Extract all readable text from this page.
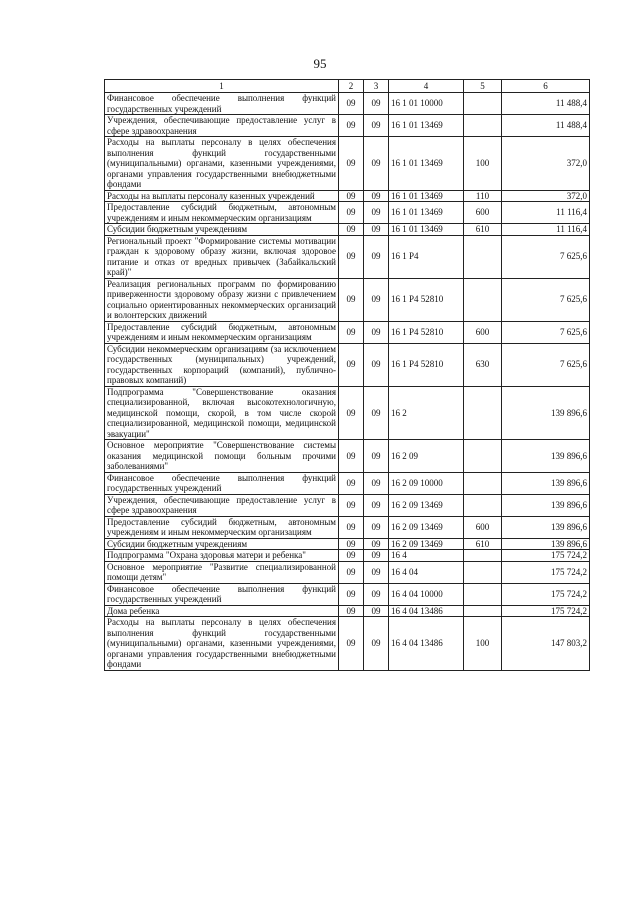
95
1	2	3	4	5	6
Финансовое обеспечение выполнения функций государственных учреждений	09	09	16 1 01 10000		11 488,4
Учреждения, обеспечивающие предоставление услуг в сфере здравоохранения	09	09	16 1 01 13469		11 488,4
Расходы на выплаты персоналу в целях обеспечения выполнения функций государственными (муниципальными) органами, казенными учреждениями, органами управления государственными внебюджетными фондами	09	09	16 1 01 13469	100	372,0
Расходы на выплаты персоналу казенных учреждений	09	09	16 1 01 13469	110	372,0
Предоставление субсидий бюджетным, автономным учреждениям и иным некоммерческим организациям	09	09	16 1 01 13469	600	11 116,4
Субсидии бюджетным учреждениям	09	09	16 1 01 13469	610	11 116,4
Региональный проект "Формирование системы мотивации граждан к здоровому образу жизни, включая здоровое питание и отказ от вредных привычек (Забайкальский край)"	09	09	16 1 P4		7 625,6
Реализация региональных программ по формированию приверженности здоровому образу жизни с привлечением социально ориентированных некоммерческих организаций и волонтерских движений	09	09	16 1 P4 52810		7 625,6
Предоставление субсидий бюджетным, автономным учреждениям и иным некоммерческим организациям	09	09	16 1 P4 52810	600	7 625,6
Субсидии некоммерческим организациям (за исключением государственных (муниципальных) учреждений, государственных корпораций (компаний), публично-правовых компаний)	09	09	16 1 P4 52810	630	7 625,6
Подпрограмма "Совершенствование оказания специализированной, включая высокотехнологичную, медицинской помощи, скорой, в том числе скорой специализированной, медицинской помощи, медицинской эвакуации"	09	09	16 2		139 896,6
Основное мероприятие "Совершенствование системы оказания медицинской помощи больным прочими заболеваниями"	09	09	16 2 09		139 896,6
Финансовое обеспечение выполнения функций государственных учреждений	09	09	16 2 09 10000		139 896,6
Учреждения, обеспечивающие предоставление услуг в сфере здравоохранения	09	09	16 2 09 13469		139 896,6
Предоставление субсидий бюджетным, автономным учреждениям и иным некоммерческим организациям	09	09	16 2 09 13469	600	139 896,6
Субсидии бюджетным учреждениям	09	09	16 2 09 13469	610	139 896,6
Подпрограмма "Охрана здоровья матери и ребенка"	09	09	16 4		175 724,2
Основное мероприятие "Развитие специализированной помощи детям"	09	09	16 4 04		175 724,2
Финансовое обеспечение выполнения функций государственных учреждений	09	09	16 4 04 10000		175 724,2
Дома ребенка	09	09	16 4 04 13486		175 724,2
Расходы на выплаты персоналу в целях обеспечения выполнения функций государственными (муниципальными) органами, казенными учреждениями, органами управления государственными внебюджетными фондами	09	09	16 4 04 13486	100	147 803,2
